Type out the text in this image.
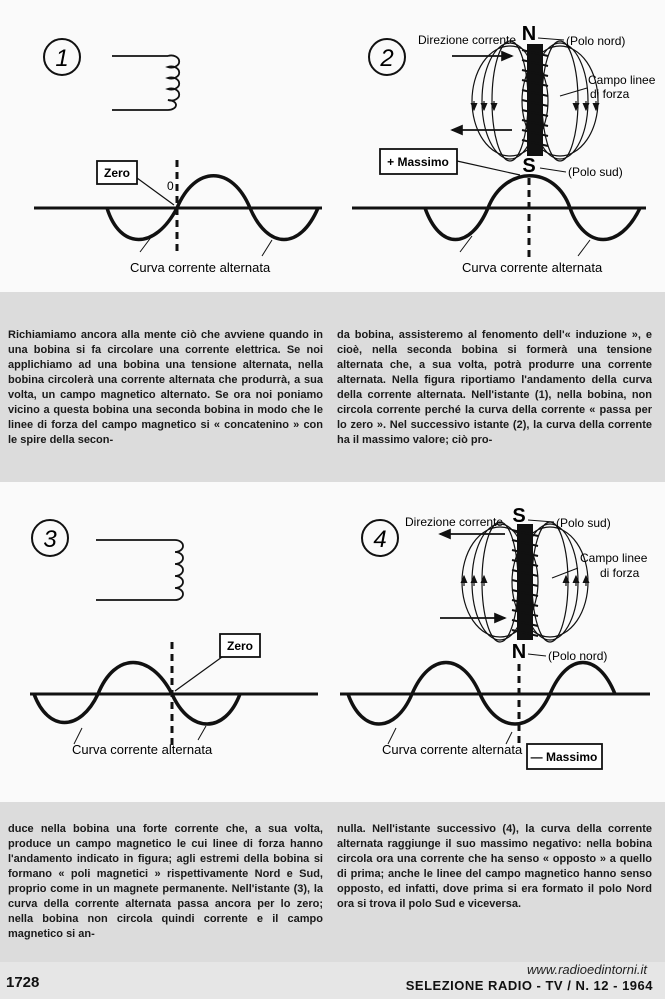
1
Zero
0
Curva corrente alternata
2
Direzione corrente N (Polo nord)
Campo linee
di forza
S	(Polo sud)
+ Massimo
Curva corrente alternata
Richiamiamo ancora alla mente ciò che avviene quando in una bobina si fa circolare una corrente elettrica. Se noi applichiamo ad una bobina una tensione alternata, nella bobina circolerà una corrente alternata che produrrà, a sua volta, un campo magnetico alternato. Se ora noi poniamo vicino a questa bobina una seconda bobina in modo che le linee di forza del campo magnetico si « concatenino » con le spire della secon-
da bobina, assisteremo al fenomento dell'« induzione », e cioè, nella seconda bobina si formerà una tensione alternata che, a sua volta, potrà produrre una corrente alternata. Nella figura riportiamo l'andamento della curva della corrente alternata. Nell'istante (1), nella bobina, non circola corrente perché la curva della corrente « passa per lo zero ». Nel successivo istante (2), la curva della corrente ha il massimo valore; ciò pro-
3
Zero
Curva corrente alternata
4
Direzione corrente S	(Polo sud)
Campo linee
di forza
N (Polo nord)
— Massimo
Curva corrente alternata
duce nella bobina una forte corrente che, a sua volta, produce un campo magnetico le cui linee di forza hanno l'andamento indicato in figura; agli estremi della bobina si formano « poli magnetici » rispettivamente Nord e Sud, proprio come in un magnete permanente. Nell'istante (3), la curva della corrente alternata passa ancora per lo zero; nella bobina non circola quindi corrente e il campo magnetico si an-
nulla. Nell'istante successivo (4), la curva della corrente alternata raggiunge il suo massimo negativo: nella bobina circola ora una corrente che ha senso « opposto » a quello di prima; anche le linee del campo magnetico hanno senso opposto, ed infatti, dove prima si era formato il polo Nord ora si trova il polo Sud e viceversa.
www.radioedintorni.it
1728	SELEZIONE RADIO - TV / N. 12 - 1964
